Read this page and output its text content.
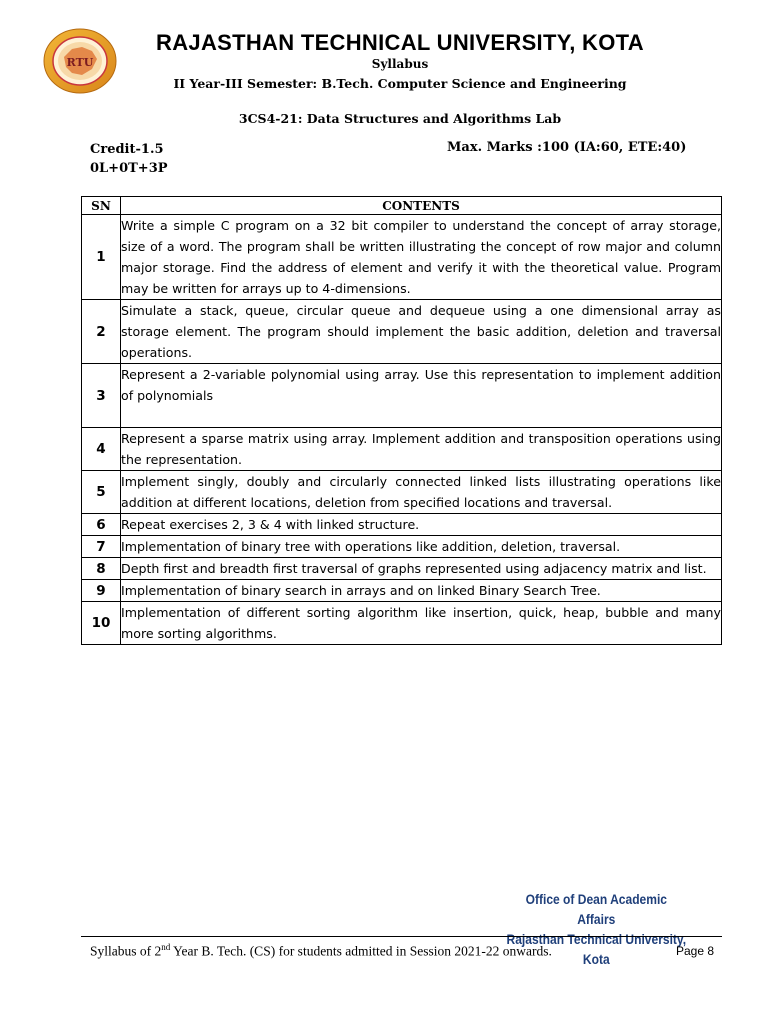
RTU
RAJASTHAN TECHNICAL UNIVERSITY, KOTA
Syllabus
II Year-III Semester: B.Tech. Computer Science and Engineering
3CS4-21: Data Structures and Algorithms Lab
Credit-1.5
0L+0T+3P
Max. Marks :100 (IA:60, ETE:40)
SN	CONTENTS
1	Write a simple C program on a 32 bit compiler to understand the concept of array storage, size of a word. The program shall be written illustrating the concept of row major and column major storage. Find the address of element and verify it with the theoretical value. Program may be written for arrays up to 4-dimensions.
2	Simulate a stack, queue, circular queue and dequeue using a one dimensional array as storage element. The program should implement the basic addition, deletion and traversal operations.
3	Represent a 2-variable polynomial using array. Use this representation to implement addition of polynomials
4	Represent a sparse matrix using array. Implement addition and transposition operations using the representation.
5	Implement singly, doubly and circularly connected linked lists illustrating operations like addition at different locations, deletion from specified locations and traversal.
6	Repeat exercises 2, 3 & 4 with linked structure.
7	Implementation of binary tree with operations like addition, deletion, traversal.
8	Depth first and breadth first traversal of graphs represented using adjacency matrix and list.
9	Implementation of binary search in arrays and on linked Binary Search Tree.
10	Implementation of different sorting algorithm like insertion, quick, heap, bubble and many more sorting algorithms.
Office of Dean Academic Affairs
Rajasthan Technical University, Kota
Syllabus of 2nd Year B. Tech. (CS) for students admitted in Session 2021-22 onwards.	Page 8
